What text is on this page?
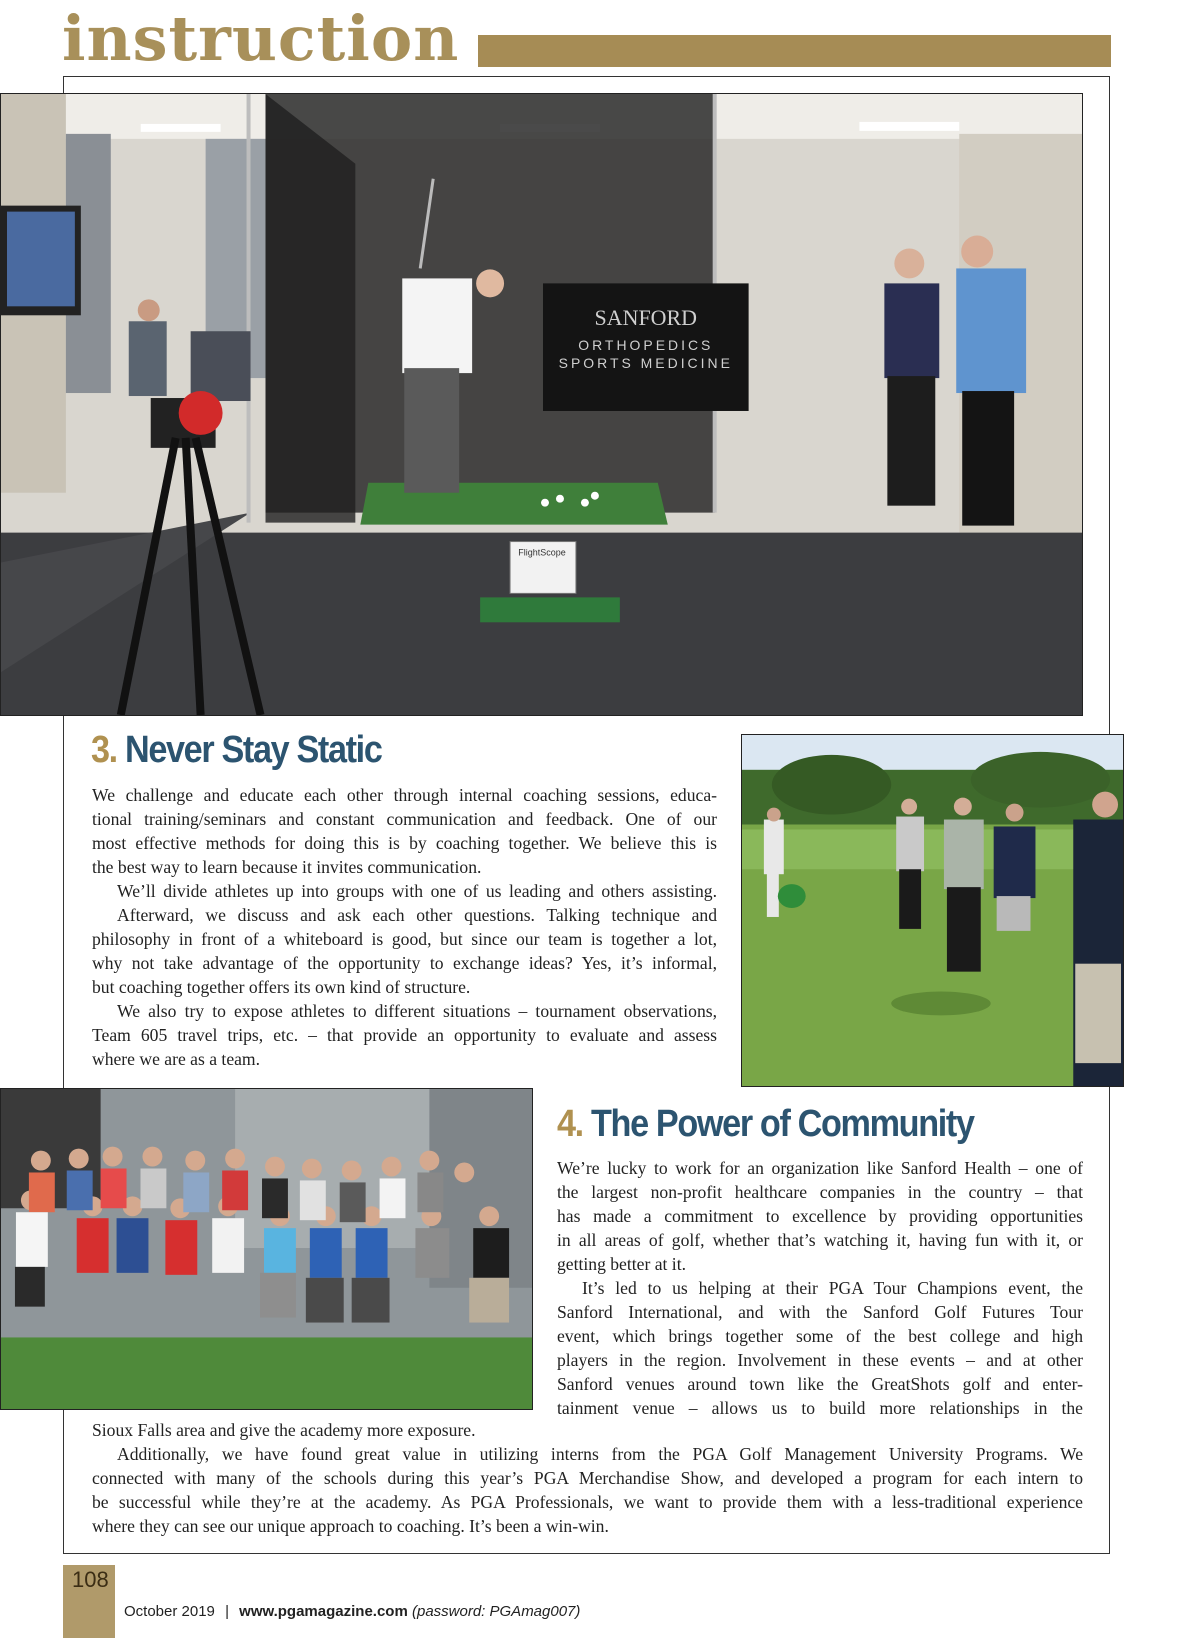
instruction
SANFORD
ORTHOPEDICS
SPORTS MEDICINE
FlightScope
3. Never Stay Static
We challenge and educate each other through internal coaching sessions, educa-
tional training/seminars and constant communication and feedback. One of our
most effective methods for doing this is by coaching together. We believe this is
the best way to learn because it invites communication.
We’ll divide athletes up into groups with one of us leading and others assisting.
Afterward, we discuss and ask each other questions. Talking technique and
philosophy in front of a whiteboard is good, but since our team is together a lot,
why not take advantage of the opportunity to exchange ideas? Yes, it’s informal,
but coaching together offers its own kind of structure.
We also try to expose athletes to different situations – tournament observations,
Team 605 travel trips, etc. – that provide an opportunity to evaluate and assess
where we are as a team.
4. The Power of Community
We’re lucky to work for an organization like Sanford Health – one of
the largest non-profit healthcare companies in the country – that
has made a commitment to excellence by providing opportunities
in all areas of golf, whether that’s watching it, having fun with it, or
getting better at it.
It’s led to us helping at their PGA Tour Champions event, the
Sanford International, and with the Sanford Golf Futures Tour
event, which brings together some of the best college and high
players in the region. Involvement in these events – and at other
Sanford venues around town like the GreatShots golf and enter-
tainment venue – allows us to build more relationships in the
Sioux Falls area and give the academy more exposure.
Additionally, we have found great value in utilizing interns from the PGA Golf Management University Programs. We
connected with many of the schools during this year’s PGA Merchandise Show, and developed a program for each intern to
be successful while they’re at the academy. As PGA Professionals, we want to provide them with a less-traditional experience
where they can see our unique approach to coaching. It’s been a win-win.
108
October 2019 | www.pgamagazine.com (password: PGAmag007)
